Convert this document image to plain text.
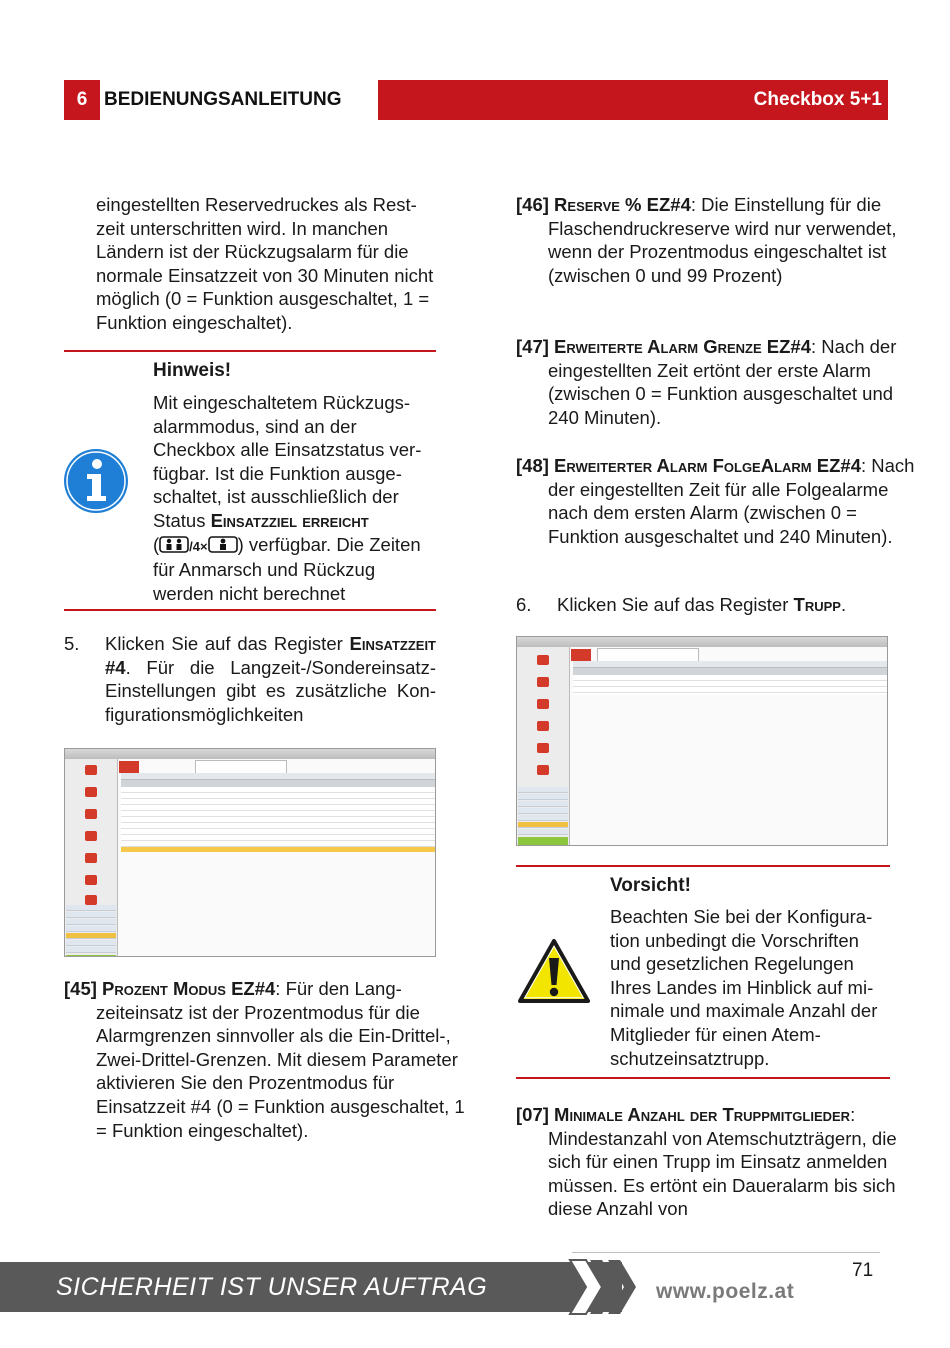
6 BEDIENUNGSANLEITUNG	Checkbox 5+1

eingestellten Reservedruckes als Restzeit unterschritten wird. In manchen Ländern ist der Rückzugsalarm für die normale Einsatzzeit von 30 Minuten nicht möglich (0 = Funktion ausgeschaltet, 1 = Funktion eingeschaltet).

Hinweis!

Mit eingeschaltetem Rückzugsalarmmodus, sind an der Checkbox alle Einsatzstatus verfügbar. Ist die Funktion ausgeschaltet, ist ausschließlich der Status Einsatzziel erreicht
( /4× ) verfügbar. Die Zeiten für Anmarsch und Rückzug werden nicht berechnet

5. Klicken Sie auf das Register Einsatzzeit #4. Für die Langzeit-/Sondereinsatz-Einstellungen gibt es zusätzliche Konfigurationsmöglichkeiten

[45] Prozent Modus EZ#4: Für den Langzeiteinsatz ist der Prozentmodus für die Alarmgrenzen sinnvoller als die Ein-Drittel-, Zwei-Drittel-Grenzen. Mit diesem Parameter aktivieren Sie den Prozentmodus für Einsatzzeit #4 (0 = Funktion ausgeschaltet, 1 = Funktion eingeschaltet).

[46] Reserve % EZ#4: Die Einstellung für die Flaschendruckreserve wird nur verwendet, wenn der Prozentmodus eingeschaltet ist (zwischen 0 und 99 Prozent)

[47] Erweiterte Alarm Grenze EZ#4: Nach der eingestellten Zeit ertönt der erste Alarm (zwischen 0 = Funktion ausgeschaltet und 240 Minuten).

[48] Erweiterter Alarm FolgeAlarm EZ#4: Nach der eingestellten Zeit für alle Folgealarme nach dem ersten Alarm (zwischen 0 = Funktion ausgeschaltet und 240 Minuten).

6. Klicken Sie auf das Register Trupp.

Vorsicht!

Beachten Sie bei der Konfiguration unbedingt die Vorschriften und gesetzlichen Regelungen Ihres Landes im Hinblick auf minimale und maximale Anzahl der Mitglieder für einen Atemschutzeinsatztrupp.

[07] Minimale Anzahl der Truppmitglieder: Mindestanzahl von Atemschutzträgern, die sich für einen Trupp im Einsatz anmelden müssen. Es ertönt ein Daueralarm bis sich diese Anzahl von

71
SICHERHEIT IST UNSER AUFTRAG	www.poelz.at
